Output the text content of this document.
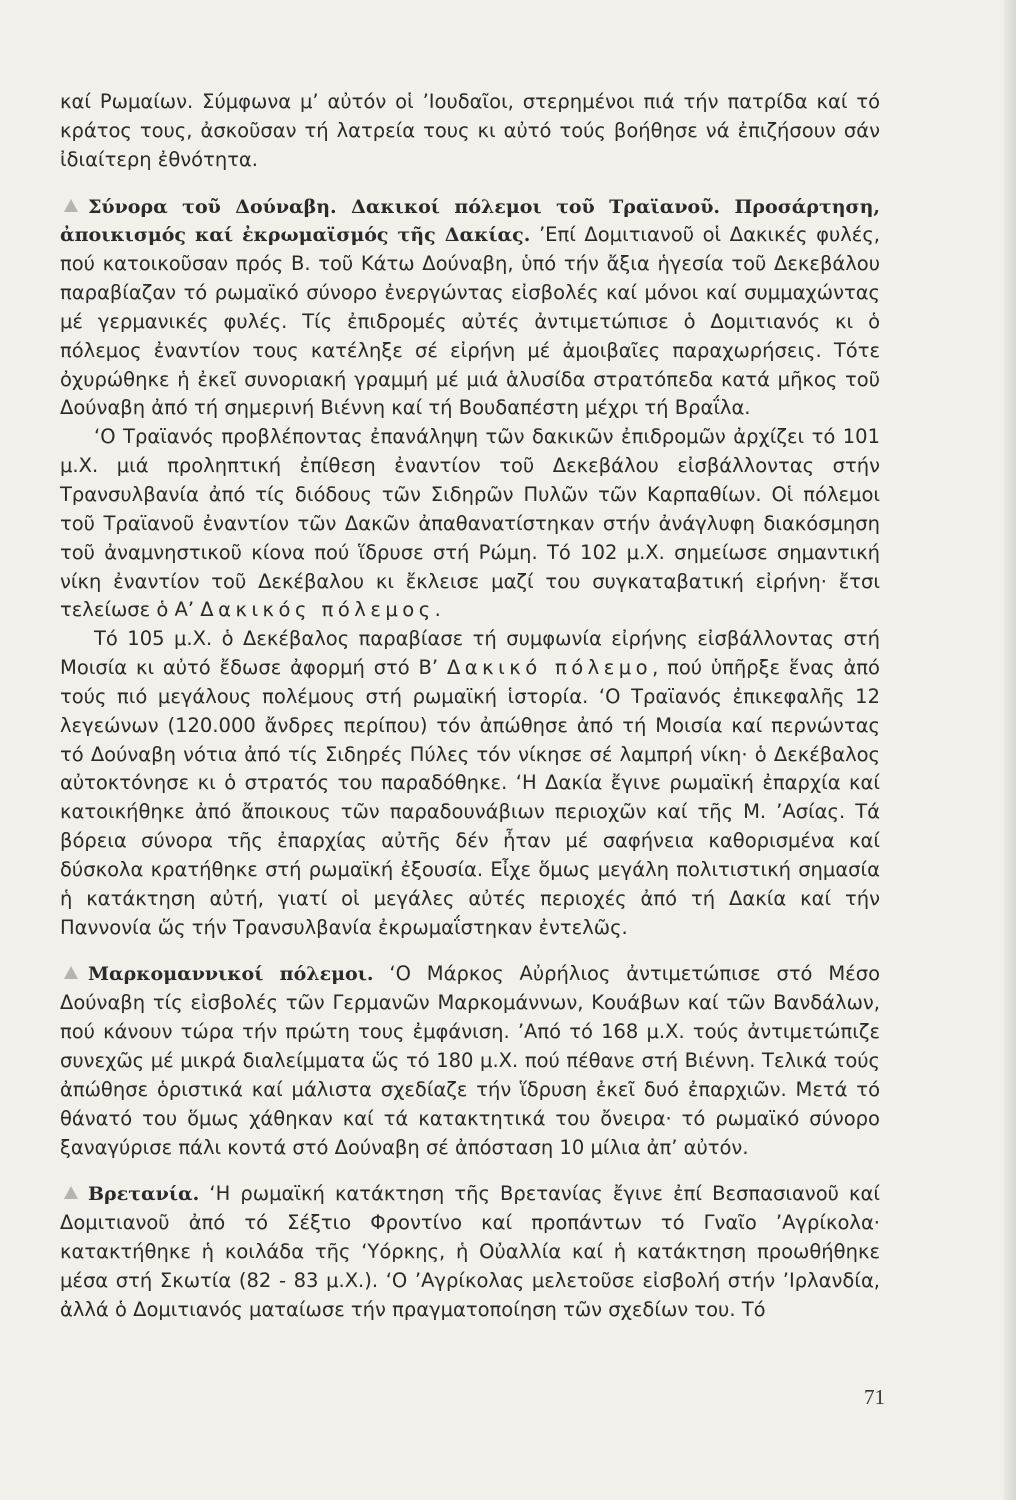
καί Ρωμαίων. Σύμφωνα μ’ αὐτόν οἱ ’Ιουδαῖοι, στερημένοι πιά τήν πατρίδα καί τό κράτος τους, ἀσκοῦσαν τή λατρεία τους κι αὐτό τούς βοήθησε νά ἐπιζήσουν σάν ἰδιαίτερη ἐθνότητα.

Σύνορα τοῦ Δούναβη. Δακικοί πόλεμοι τοῦ Τραϊανοῦ. Προσάρτηση, ἀποικισμός καί ἐκρωμαϊσμός τῆς Δακίας. ’Επί Δομιτιανοῦ οἱ Δακικές φυλές, πού κατοικοῦσαν πρός Β. τοῦ Κάτω Δούναβη, ὑπό τήν ἄξια ἡγεσία τοῦ Δεκεβάλου παραβίαζαν τό ρωμαϊκό σύνορο ἐνεργώντας εἰσβολές καί μόνοι καί συμμαχώντας μέ γερμανικές φυλές. Τίς ἐπιδρομές αὐτές ἀντιμετώπισε ὁ Δομιτιανός κι ὁ πόλεμος ἐναντίον τους κατέληξε σέ εἰρήνη μέ ἀμοιβαῖες παραχωρήσεις. Τότε ὀχυρώθηκε ἡ ἐκεῖ συνοριακή γραμμή μέ μιά ἁλυσίδα στρατόπεδα κατά μῆκος τοῦ Δούναβη ἀπό τή σημερινή Βιέννη καί τή Βουδαπέστη μέχρι τή Βραΐλα.

‘Ο Τραϊανός προβλέποντας ἐπανάληψη τῶν δακικῶν ἐπιδρομῶν ἀρχίζει τό 101 μ.Χ. μιά προληπτική ἐπίθεση ἐναντίον τοῦ Δεκεβάλου εἰσβάλλοντας στήν Τρανσυλβανία ἀπό τίς διόδους τῶν Σιδηρῶν Πυλῶν τῶν Καρπαθίων. Οἱ πόλεμοι τοῦ Τραϊανοῦ ἐναντίον τῶν Δακῶν ἀπαθανατίστηκαν στήν ἀνάγλυφη διακόσμηση τοῦ ἀναμνηστικοῦ κίονα πού ἵδρυσε στή Ρώμη. Τό 102 μ.Χ. σημείωσε σημαντική νίκη ἐναντίον τοῦ Δεκέβαλου κι ἔκλεισε μαζί του συγκαταβατική εἰρήνη· ἔτσι τελείωσε ὁ Α’ Δακικός πόλεμος.

Τό 105 μ.Χ. ὁ Δεκέβαλος παραβίασε τή συμφωνία εἰρήνης εἰσβάλλοντας στή Μοισία κι αὐτό ἔδωσε ἀφορμή στό Β’ Δακικό πόλεμο, πού ὑπῆρξε ἕνας ἀπό τούς πιό μεγάλους πολέμους στή ρωμαϊκή ἱστορία. ‘Ο Τραϊανός ἐπικεφαλῆς 12 λεγεώνων (120.000 ἄνδρες περίπου) τόν ἀπώθησε ἀπό τή Μοισία καί περνώντας τό Δούναβη νότια ἀπό τίς Σιδηρές Πύλες τόν νίκησε σέ λαμπρή νίκη· ὁ Δεκέβαλος αὐτοκτόνησε κι ὁ στρατός του παραδόθηκε. ‘Η Δακία ἔγινε ρωμαϊκή ἐπαρχία καί κατοικήθηκε ἀπό ἄποικους τῶν παραδουνάβιων περιοχῶν καί τῆς Μ. ’Ασίας. Τά βόρεια σύνορα τῆς ἐπαρχίας αὐτῆς δέν ἦταν μέ σαφήνεια καθορισμένα καί δύσκολα κρατήθηκε στή ρωμαϊκή ἐξουσία. Εἶχε ὅμως μεγάλη πολιτιστική σημασία ἡ κατάκτηση αὐτή, γιατί οἱ μεγάλες αὐτές περιοχές ἀπό τή Δακία καί τήν Παννονία ὥς τήν Τρανσυλβανία ἐκρωμαΐστηκαν ἐντελῶς.

Μαρκομαννικοί πόλεμοι. ‘Ο Μάρκος Αὐρήλιος ἀντιμετώπισε στό Μέσο Δούναβη τίς εἰσβολές τῶν Γερμανῶν Μαρκομάννων, Κουάβων καί τῶν Βανδάλων, πού κάνουν τώρα τήν πρώτη τους ἐμφάνιση. ’Από τό 168 μ.Χ. τούς ἀντιμετώπιζε συνεχῶς μέ μικρά διαλείμματα ὥς τό 180 μ.Χ. πού πέθανε στή Βιέννη. Τελικά τούς ἀπώθησε ὁριστικά καί μάλιστα σχεδίαζε τήν ἵδρυση ἐκεῖ δυό ἐπαρχιῶν. Μετά τό θάνατό του ὅμως χάθηκαν καί τά κατακτητικά του ὄνειρα· τό ρωμαϊκό σύνορο ξαναγύρισε πάλι κοντά στό Δούναβη σέ ἀπόσταση 10 μίλια ἀπ’ αὐτόν.

Βρετανία. ‘Η ρωμαϊκή κατάκτηση τῆς Βρετανίας ἔγινε ἐπί Βεσπασιανοῦ καί Δομιτιανοῦ ἀπό τό Σέξτιο Φροντίνο καί προπάντων τό Γναῖο ’Αγρίκολα· κατακτήθηκε ἡ κοιλάδα τῆς ‘Υόρκης, ἡ Οὐαλλία καί ἡ κατάκτηση προωθήθηκε μέσα στή Σκωτία (82 - 83 μ.Χ.). ‘Ο ’Αγρίκολας μελετοῦσε εἰσβολή στήν ’Ιρλανδία, ἀλλά ὁ Δομιτιανός ματαίωσε τήν πραγματοποίηση τῶν σχεδίων του. Τό

71
